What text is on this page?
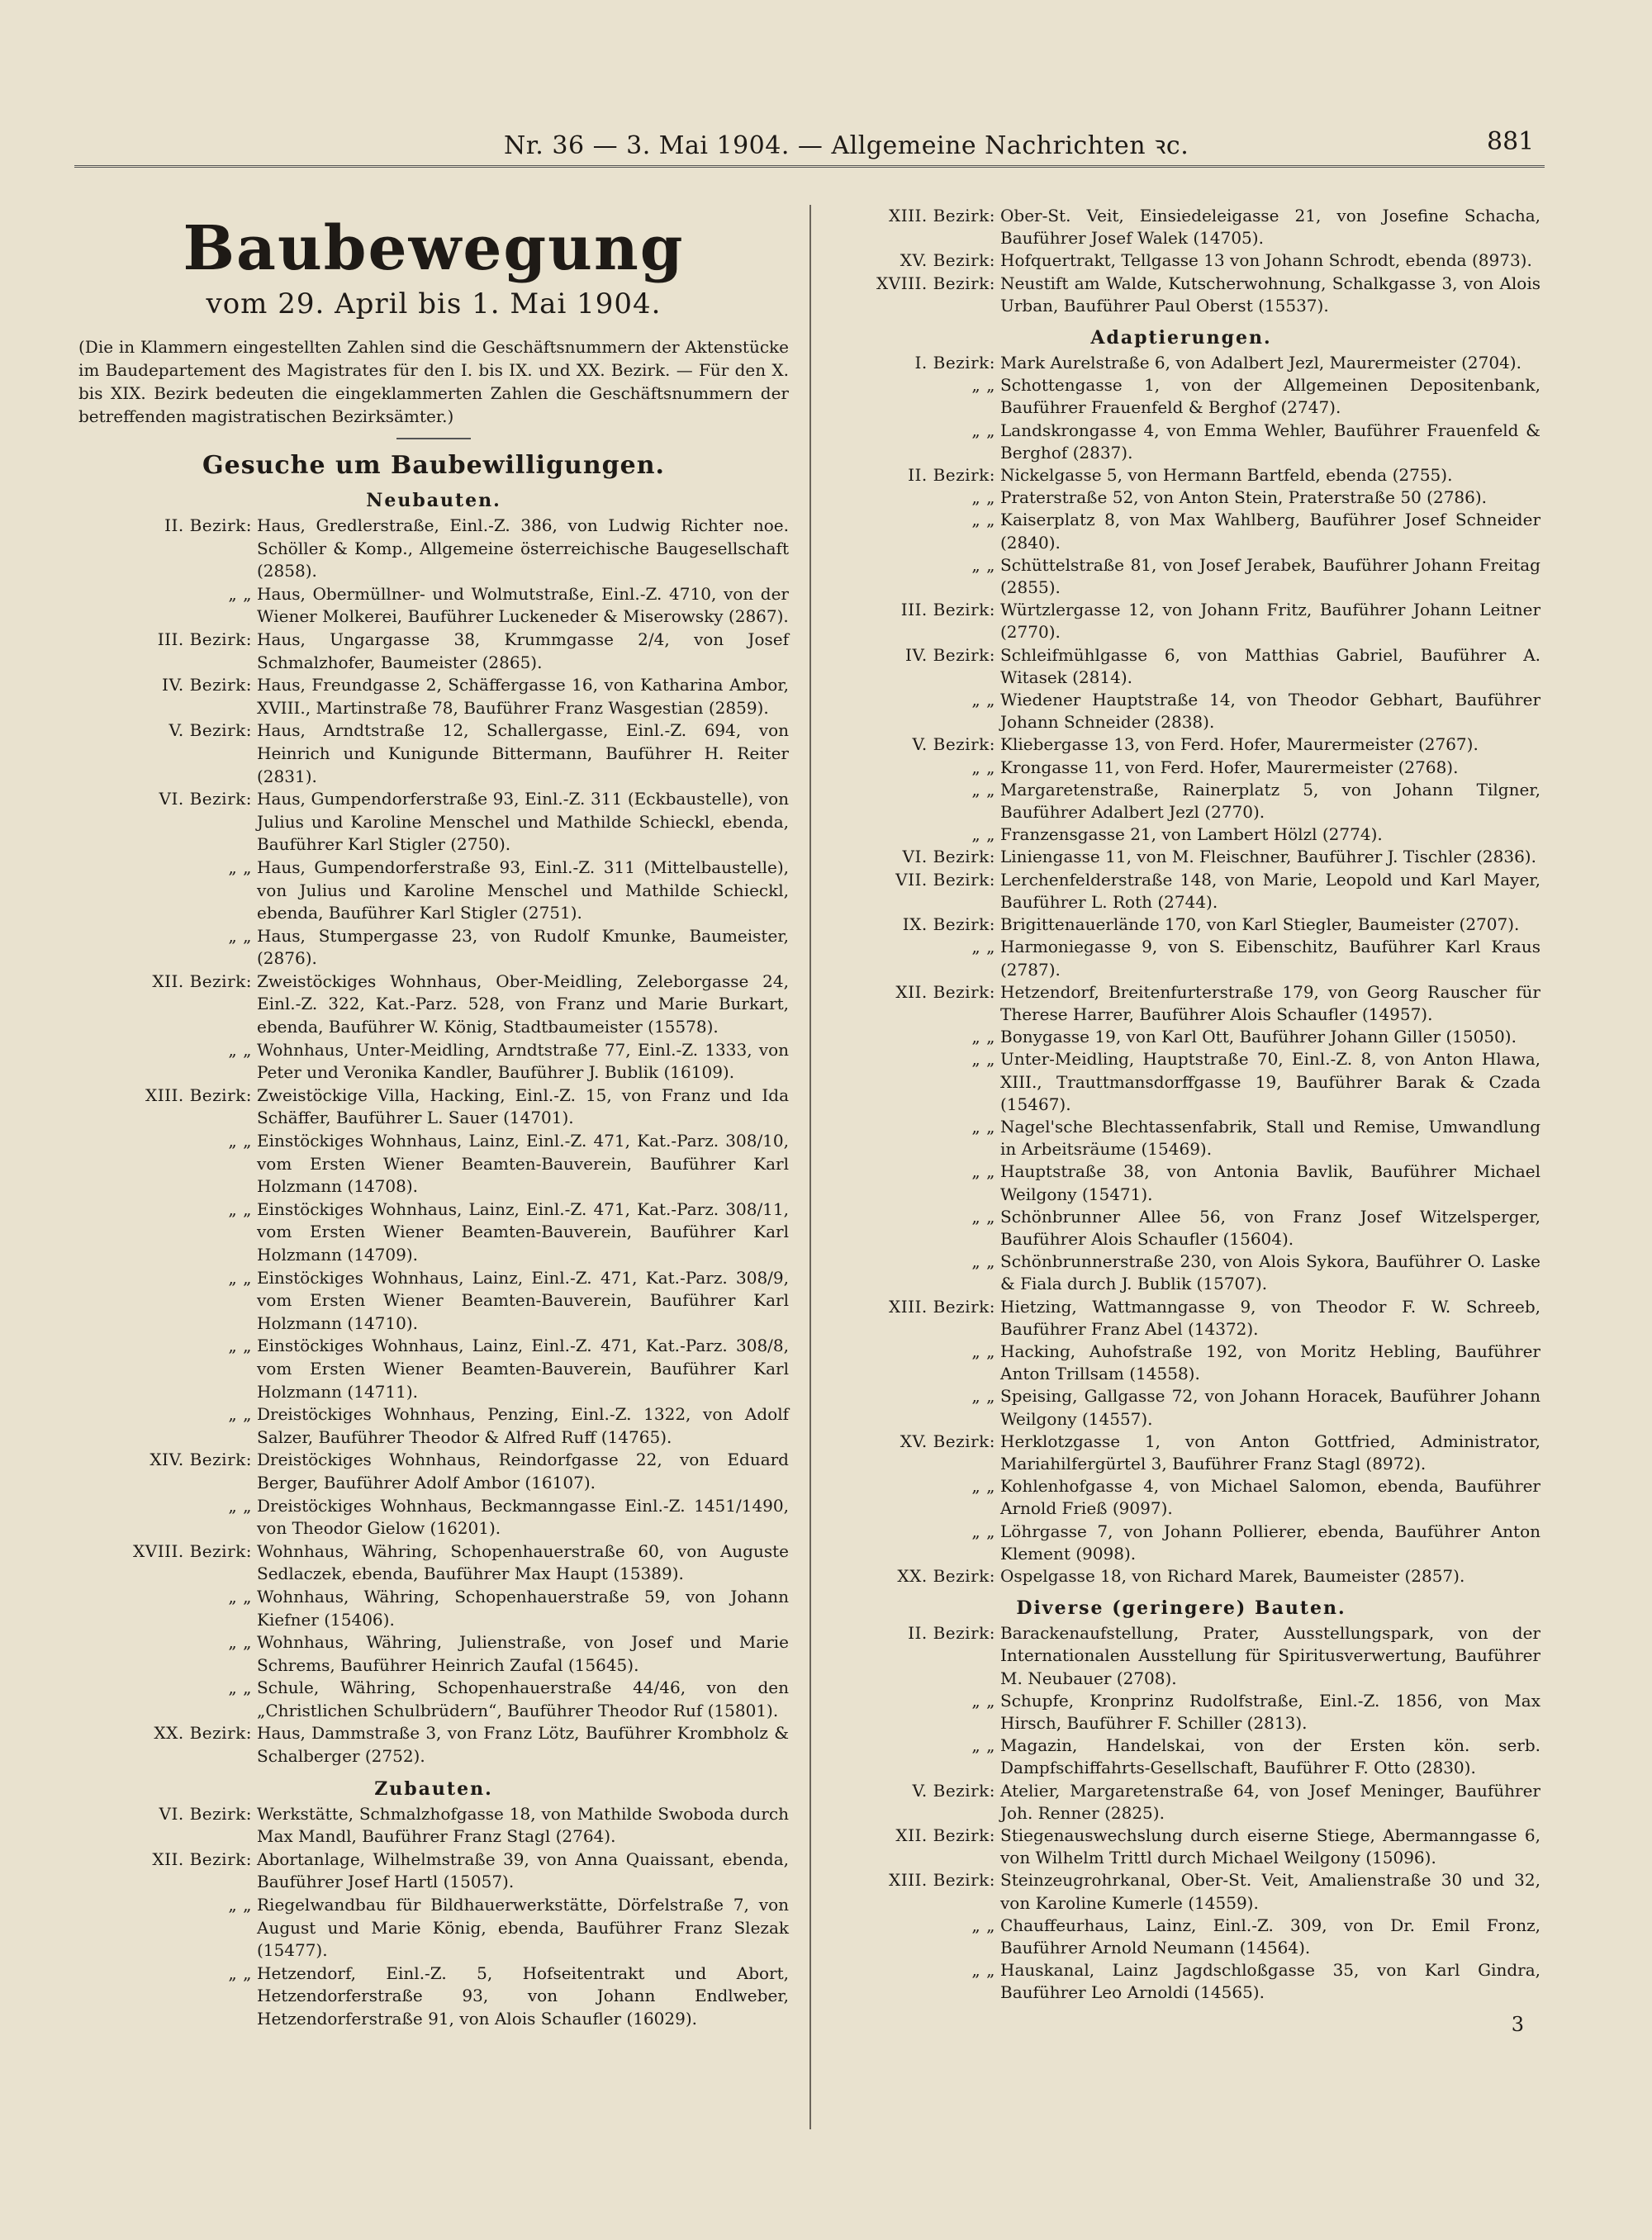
Nr. 36 — 3. Mai 1904. — Allgemeine Nachrichten ꝛc.	881
Baubewegung
vom 29. April bis 1. Mai 1904.

(Die in Klammern eingestellten Zahlen sind die Geschäftsnummern der Aktenstücke im Baudepartement des Magistrates für den I. bis IX. und XX. Bezirk. — Für den X. bis XIX. Bezirk bedeuten die eingeklammerten Zahlen die Geschäftsnummern der betreffenden magistratischen Bezirksämter.)

Gesuche um Baubewilligungen.
Neubauten.
II. Bezirk: Haus, Gredlerstraße, Einl.-Z. 386, von Ludwig Richter noe. Schöller & Komp., Allgemeine österreichische Baugesellschaft (2858).
„ „ Haus, Obermüllner- und Wolmutstraße, Einl.-Z. 4710, von der Wiener Molkerei, Bauführer Luckeneder & Miserowsky (2867).
III. Bezirk: Haus, Ungargasse 38, Krummgasse 2/4, von Josef Schmalzhofer, Baumeister (2865).
IV. Bezirk: Haus, Freundgasse 2, Schäffergasse 16, von Katharina Ambor, XVIII., Martinstraße 78, Bauführer Franz Wasgestian (2859).
V. Bezirk: Haus, Arndtstraße 12, Schallergasse, Einl.-Z. 694, von Heinrich und Kunigunde Bittermann, Bauführer H. Reiter (2831).
VI. Bezirk: Haus, Gumpendorferstraße 93, Einl.-Z. 311 (Eckbaustelle), von Julius und Karoline Menschel und Mathilde Schieckl, ebenda, Bauführer Karl Stigler (2750).
„ „ Haus, Gumpendorferstraße 93, Einl.-Z. 311 (Mittelbaustelle), von Julius und Karoline Menschel und Mathilde Schieckl, ebenda, Bauführer Karl Stigler (2751).
„ „ Haus, Stumpergasse 23, von Rudolf Kmunke, Baumeister, (2876).
XII. Bezirk: Zweistöckiges Wohnhaus, Ober-Meidling, Zeleborgasse 24, Einl.-Z. 322, Kat.-Parz. 528, von Franz und Marie Burkart, ebenda, Bauführer W. König, Stadtbaumeister (15578).
„ „ Wohnhaus, Unter-Meidling, Arndtstraße 77, Einl.-Z. 1333, von Peter und Veronika Kandler, Bauführer J. Bublik (16109).
XIII. Bezirk: Zweistöckige Villa, Hacking, Einl.-Z. 15, von Franz und Ida Schäffer, Bauführer L. Sauer (14701).
„ „ Einstöckiges Wohnhaus, Lainz, Einl.-Z. 471, Kat.-Parz. 308/10, vom Ersten Wiener Beamten-Bauverein, Bauführer Karl Holzmann (14708).
„ „ Einstöckiges Wohnhaus, Lainz, Einl.-Z. 471, Kat.-Parz. 308/11, vom Ersten Wiener Beamten-Bauverein, Bauführer Karl Holzmann (14709).
„ „ Einstöckiges Wohnhaus, Lainz, Einl.-Z. 471, Kat.-Parz. 308/9, vom Ersten Wiener Beamten-Bauverein, Bauführer Karl Holzmann (14710).
„ „ Einstöckiges Wohnhaus, Lainz, Einl.-Z. 471, Kat.-Parz. 308/8, vom Ersten Wiener Beamten-Bauverein, Bauführer Karl Holzmann (14711).
„ „ Dreistöckiges Wohnhaus, Penzing, Einl.-Z. 1322, von Adolf Salzer, Bauführer Theodor & Alfred Ruff (14765).
XIV. Bezirk: Dreistöckiges Wohnhaus, Reindorfgasse 22, von Eduard Berger, Bauführer Adolf Ambor (16107).
„ „ Dreistöckiges Wohnhaus, Beckmanngasse Einl.-Z. 1451/1490, von Theodor Gielow (16201).
XVIII. Bezirk: Wohnhaus, Währing, Schopenhauerstraße 60, von Auguste Sedlaczek, ebenda, Bauführer Max Haupt (15389).
„ „ Wohnhaus, Währing, Schopenhauerstraße 59, von Johann Kiefner (15406).
„ „ Wohnhaus, Währing, Julienstraße, von Josef und Marie Schrems, Bauführer Heinrich Zaufal (15645).
„ „ Schule, Währing, Schopenhauerstraße 44/46, von den „Christlichen Schulbrüdern“, Bauführer Theodor Ruf (15801).
XX. Bezirk: Haus, Dammstraße 3, von Franz Lötz, Bauführer Krombholz & Schalberger (2752).
Zubauten.
VI. Bezirk: Werkstätte, Schmalzhofgasse 18, von Mathilde Swoboda durch Max Mandl, Bauführer Franz Stagl (2764).
XII. Bezirk: Abortanlage, Wilhelmstraße 39, von Anna Quaissant, ebenda, Bauführer Josef Hartl (15057).
„ „ Riegelwandbau für Bildhauerwerkstätte, Dörfelstraße 7, von August und Marie König, ebenda, Bauführer Franz Slezak (15477).
„ „ Hetzendorf, Einl.-Z. 5, Hofseitentrakt und Abort, Hetzendorferstraße 93, von Johann Endlweber, Hetzendorferstraße 91, von Alois Schaufler (16029).
XIII. Bezirk: Ober-St. Veit, Einsiedeleigasse 21, von Josefine Schacha, Bauführer Josef Walek (14705).
XV. Bezirk: Hofquertrakt, Tellgasse 13 von Johann Schrodt, ebenda (8973).
XVIII. Bezirk: Neustift am Walde, Kutscherwohnung, Schalkgasse 3, von Alois Urban, Bauführer Paul Oberst (15537).
Adaptierungen.
I. Bezirk: Mark Aurelstraße 6, von Adalbert Jezl, Maurermeister (2704).
„ „ Schottengasse 1, von der Allgemeinen Depositenbank, Bauführer Frauenfeld & Berghof (2747).
„ „ Landskrongasse 4, von Emma Wehler, Bauführer Frauenfeld & Berghof (2837).
II. Bezirk: Nickelgasse 5, von Hermann Bartfeld, ebenda (2755).
„ „ Praterstraße 52, von Anton Stein, Praterstraße 50 (2786).
„ „ Kaiserplatz 8, von Max Wahlberg, Bauführer Josef Schneider (2840).
„ „ Schüttelstraße 81, von Josef Jerabek, Bauführer Johann Freitag (2855).
III. Bezirk: Würtzlergasse 12, von Johann Fritz, Bauführer Johann Leitner (2770).
IV. Bezirk: Schleifmühlgasse 6, von Matthias Gabriel, Bauführer A. Witasek (2814).
„ „ Wiedener Hauptstraße 14, von Theodor Gebhart, Bauführer Johann Schneider (2838).
V. Bezirk: Kliebergasse 13, von Ferd. Hofer, Maurermeister (2767).
„ „ Krongasse 11, von Ferd. Hofer, Maurermeister (2768).
„ „ Margaretenstraße, Rainerplatz 5, von Johann Tilgner, Bauführer Adalbert Jezl (2770).
„ „ Franzensgasse 21, von Lambert Hölzl (2774).
VI. Bezirk: Liniengasse 11, von M. Fleischner, Bauführer J. Tischler (2836).
VII. Bezirk: Lerchenfelderstraße 148, von Marie, Leopold und Karl Mayer, Bauführer L. Roth (2744).
IX. Bezirk: Brigittenauerlände 170, von Karl Stiegler, Baumeister (2707).
„ „ Harmoniegasse 9, von S. Eibenschitz, Bauführer Karl Kraus (2787).
XII. Bezirk: Hetzendorf, Breitenfurterstraße 179, von Georg Rauscher für Therese Harrer, Bauführer Alois Schaufler (14957).
„ „ Bonygasse 19, von Karl Ott, Bauführer Johann Giller (15050).
„ „ Unter-Meidling, Hauptstraße 70, Einl.-Z. 8, von Anton Hlawa, XIII., Trauttmansdorffgasse 19, Bauführer Barak & Czada (15467).
„ „ Nagel'sche Blechtassenfabrik, Stall und Remise, Umwandlung in Arbeitsräume (15469).
„ „ Hauptstraße 38, von Antonia Bavlik, Bauführer Michael Weilgony (15471).
„ „ Schönbrunner Allee 56, von Franz Josef Witzelsperger, Bauführer Alois Schaufler (15604).
„ „ Schönbrunnerstraße 230, von Alois Sykora, Bauführer O. Laske & Fiala durch J. Bublik (15707).
XIII. Bezirk: Hietzing, Wattmanngasse 9, von Theodor F. W. Schreeb, Bauführer Franz Abel (14372).
„ „ Hacking, Auhofstraße 192, von Moritz Hebling, Bauführer Anton Trillsam (14558).
„ „ Speising, Gallgasse 72, von Johann Horacek, Bauführer Johann Weilgony (14557).
XV. Bezirk: Herklotzgasse 1, von Anton Gottfried, Administrator, Mariahilfergürtel 3, Bauführer Franz Stagl (8972).
„ „ Kohlenhofgasse 4, von Michael Salomon, ebenda, Bauführer Arnold Frieß (9097).
„ „ Löhrgasse 7, von Johann Pollierer, ebenda, Bauführer Anton Klement (9098).
XX. Bezirk: Ospelgasse 18, von Richard Marek, Baumeister (2857).
Diverse (geringere) Bauten.
II. Bezirk: Barackenaufstellung, Prater, Ausstellungspark, von der Internationalen Ausstellung für Spiritusverwertung, Bauführer M. Neubauer (2708).
„ „ Schupfe, Kronprinz Rudolfstraße, Einl.-Z. 1856, von Max Hirsch, Bauführer F. Schiller (2813).
„ „ Magazin, Handelskai, von der Ersten kön. serb. Dampfschiffahrts-Gesellschaft, Bauführer F. Otto (2830).
V. Bezirk: Atelier, Margaretenstraße 64, von Josef Meninger, Bauführer Joh. Renner (2825).
XII. Bezirk: Stiegenauswechslung durch eiserne Stiege, Abermanngasse 6, von Wilhelm Trittl durch Michael Weilgony (15096).
XIII. Bezirk: Steinzeugrohrkanal, Ober-St. Veit, Amalienstraße 30 und 32, von Karoline Kumerle (14559).
„ „ Chauffeurhaus, Lainz, Einl.-Z. 309, von Dr. Emil Fronz, Bauführer Arnold Neumann (14564).
„ „ Hauskanal, Lainz Jagdschloßgasse 35, von Karl Gindra, Bauführer Leo Arnoldi (14565).
3
